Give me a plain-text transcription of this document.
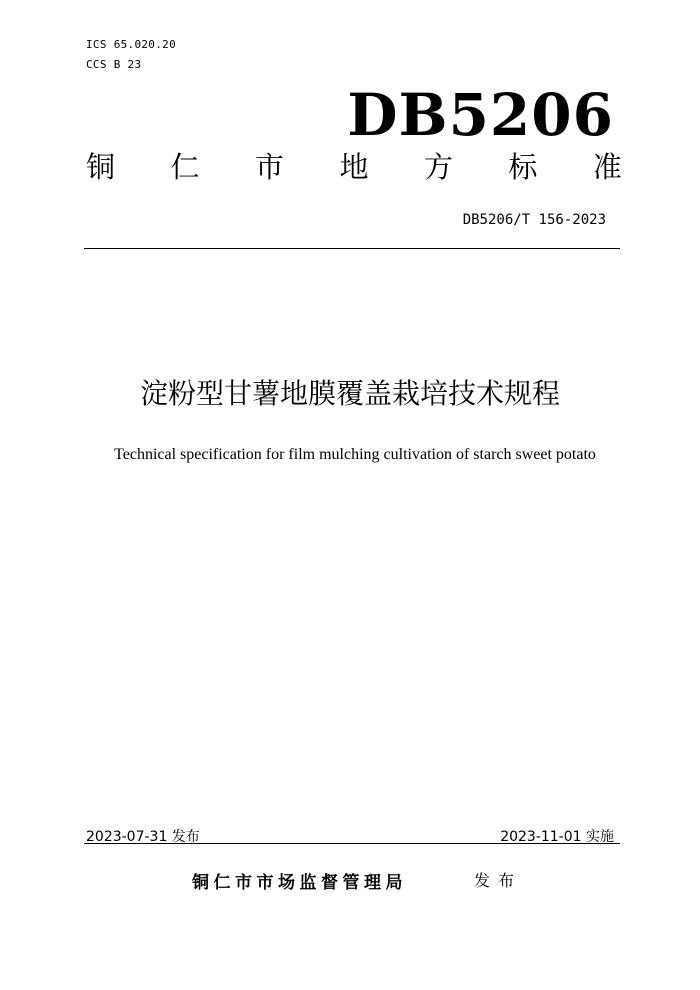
ICS 65.020.20
CCS B 23
DB5206
铜 仁 市 地 方 标 准
DB5206/T 156-2023
淀粉型甘薯地膜覆盖栽培技术规程
Technical specification for film mulching cultivation of starch sweet potato
2023-07-31 发布	2023-11-01 实施
铜仁市市场监督管理局	发布
